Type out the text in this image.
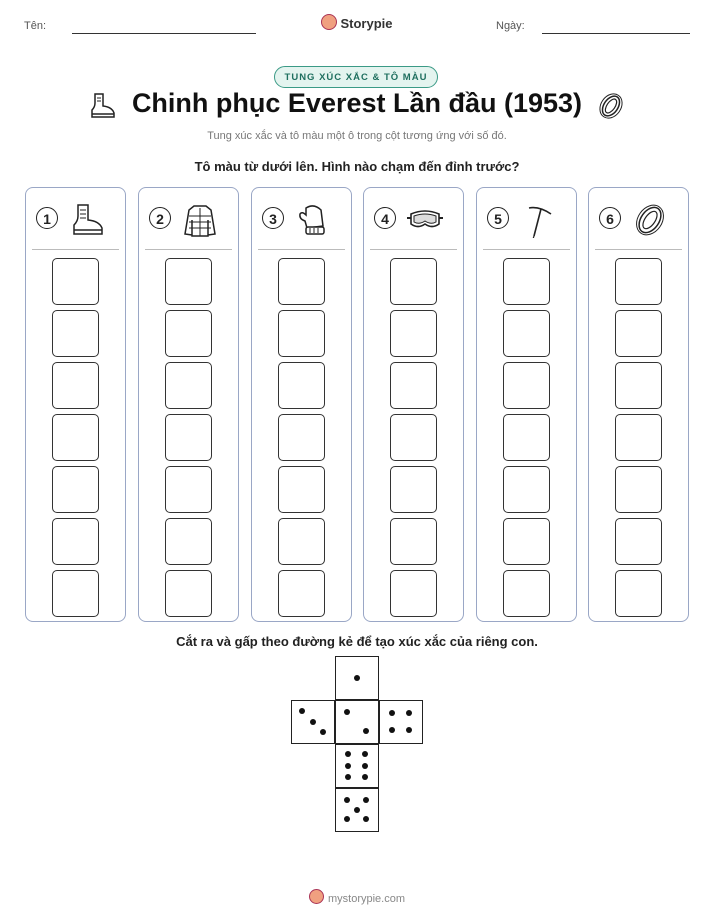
Tên:	Storypie	Ngày:
TUNG XÚC XẮC & TÔ MÀU
Chinh phục Everest Lần đầu (1953)
Tung xúc xắc và tô màu một ô trong cột tương ứng với số đó.
Tô màu từ dưới lên. Hình nào chạm đến đỉnh trước?
1	2	3	4	5	6
Cắt ra và gấp theo đường kẻ để tạo xúc xắc của riêng con.
mystorypie.com
